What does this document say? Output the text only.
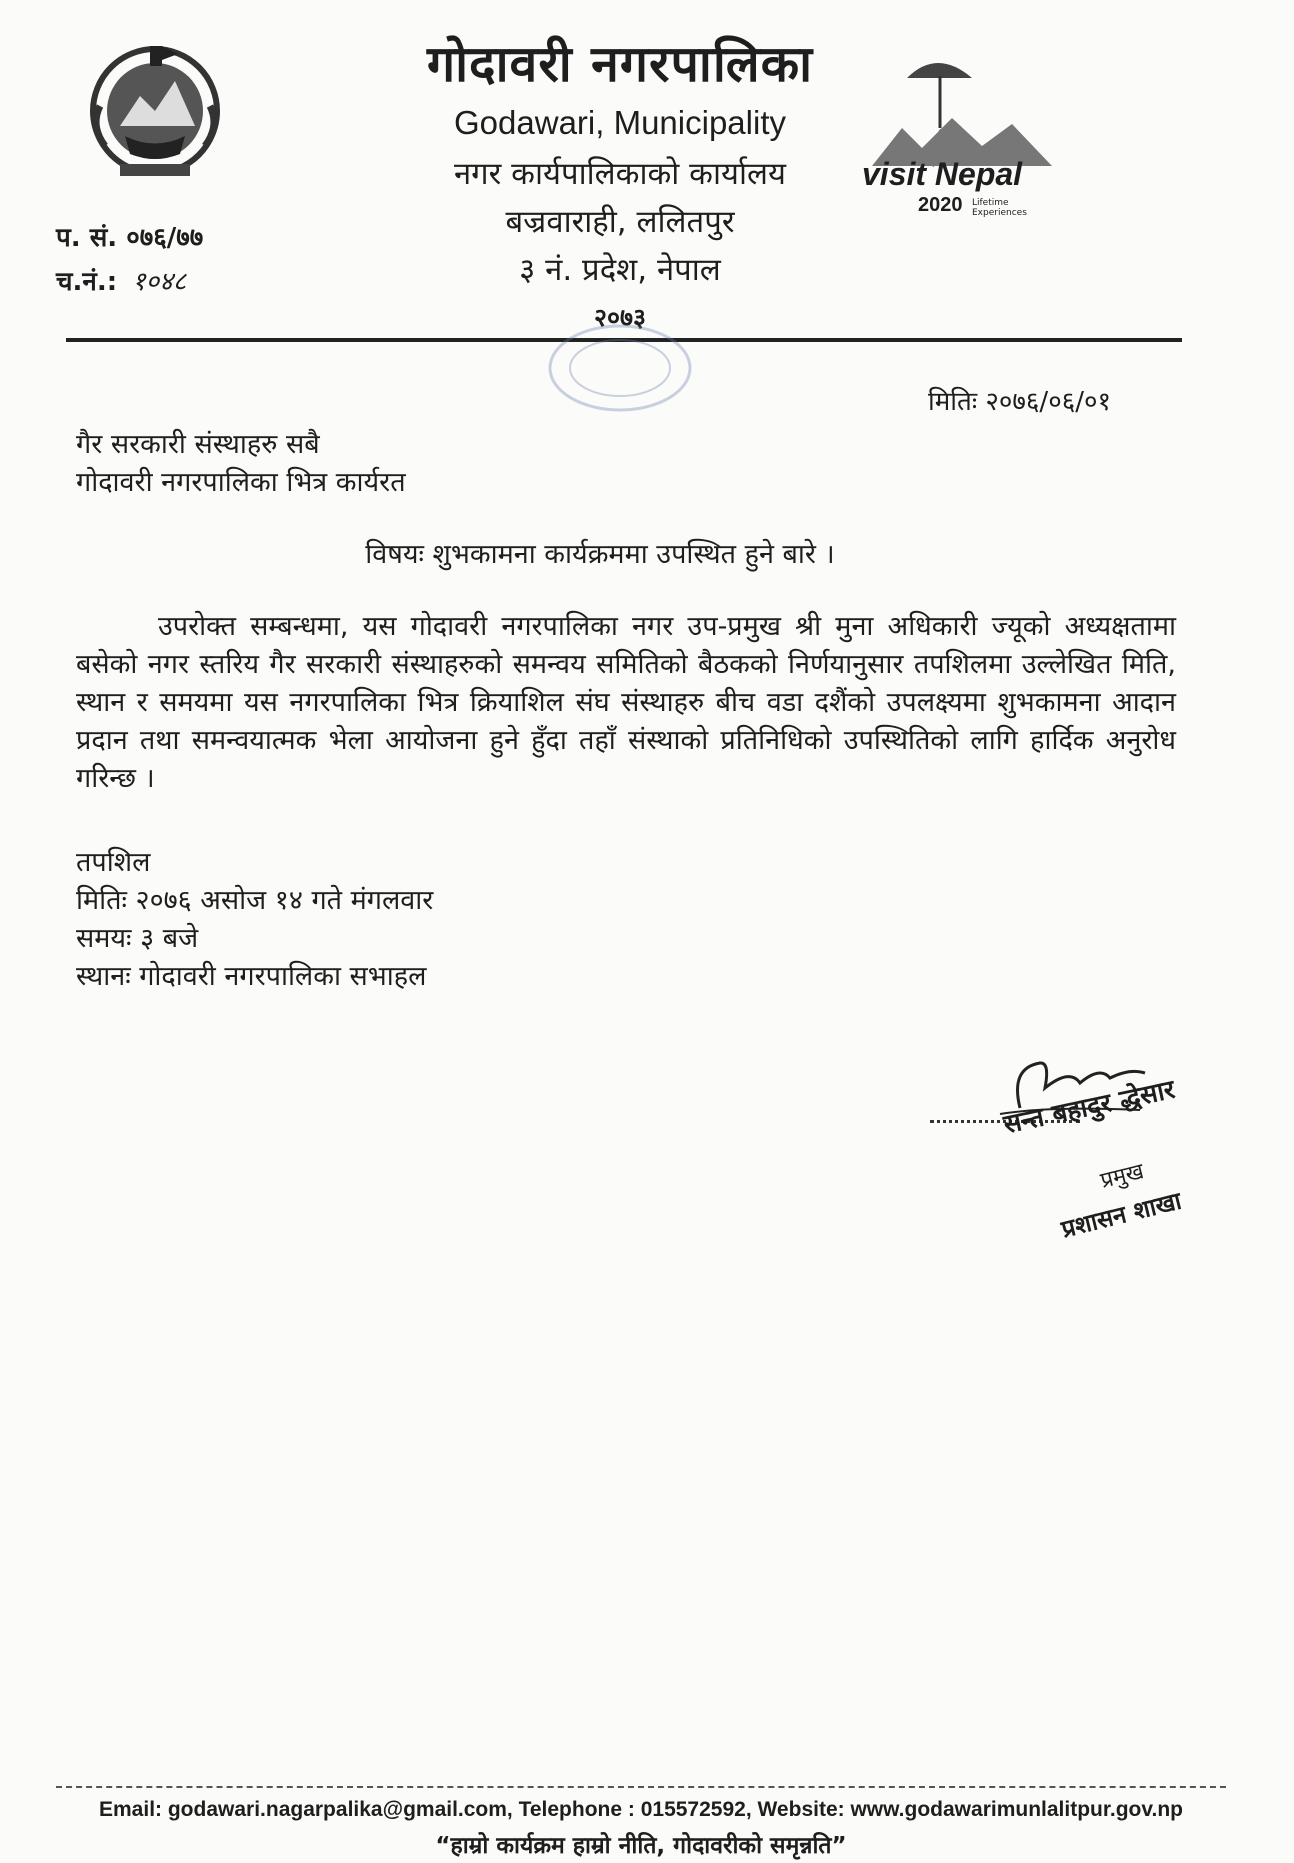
गोदावरी नगरपालिका
Godawari, Municipality
नगर कार्यपालिकाको कार्यालय
बज्रवाराही, ललितपुर
३ नं. प्रदेश, नेपाल
२०७३
visit Nepal
2020 Lifetime Experiences
प. सं. ०७६/७७
च.नं.: १०४८
मितिः २०७६/०६/०१
गैर सरकारी संस्थाहरु सबै
गोदावरी नगरपालिका भित्र कार्यरत
विषयः शुभकामना कार्यक्रममा उपस्थित हुने बारे ।
उपरोक्त सम्बन्धमा, यस गोदावरी नगरपालिका नगर उप-प्रमुख श्री मुना अधिकारी ज्यूको अध्यक्षतामा बसेको नगर स्तरिय गैर सरकारी संस्थाहरुको समन्वय समितिको बैठकको निर्णयानुसार तपशिलमा उल्लेखित मिति, स्थान र समयमा यस नगरपालिका भित्र क्रियाशिल संघ संस्थाहरु बीच वडा दशैंको उपलक्ष्यमा शुभकामना आदान प्रदान तथा समन्वयात्मक भेला आयोजना हुने हुँदा तहाँ संस्थाको प्रतिनिधिको उपस्थितिको लागि हार्दिक अनुरोध गरिन्छ ।
तपशिल
मितिः २०७६ असोज १४ गते मंगलवार
समयः ३ बजे
स्थानः गोदावरी नगरपालिका सभाहल
सन्त बहादुर द्धेसार
प्रमुख
प्रशासन शाखा
Email: godawari.nagarpalika@gmail.com, Telephone : 015572592, Website: www.godawarimunlalitpur.gov.np
“हाम्रो कार्यक्रम हाम्रो नीति, गोदावरीको समृन्नति”
